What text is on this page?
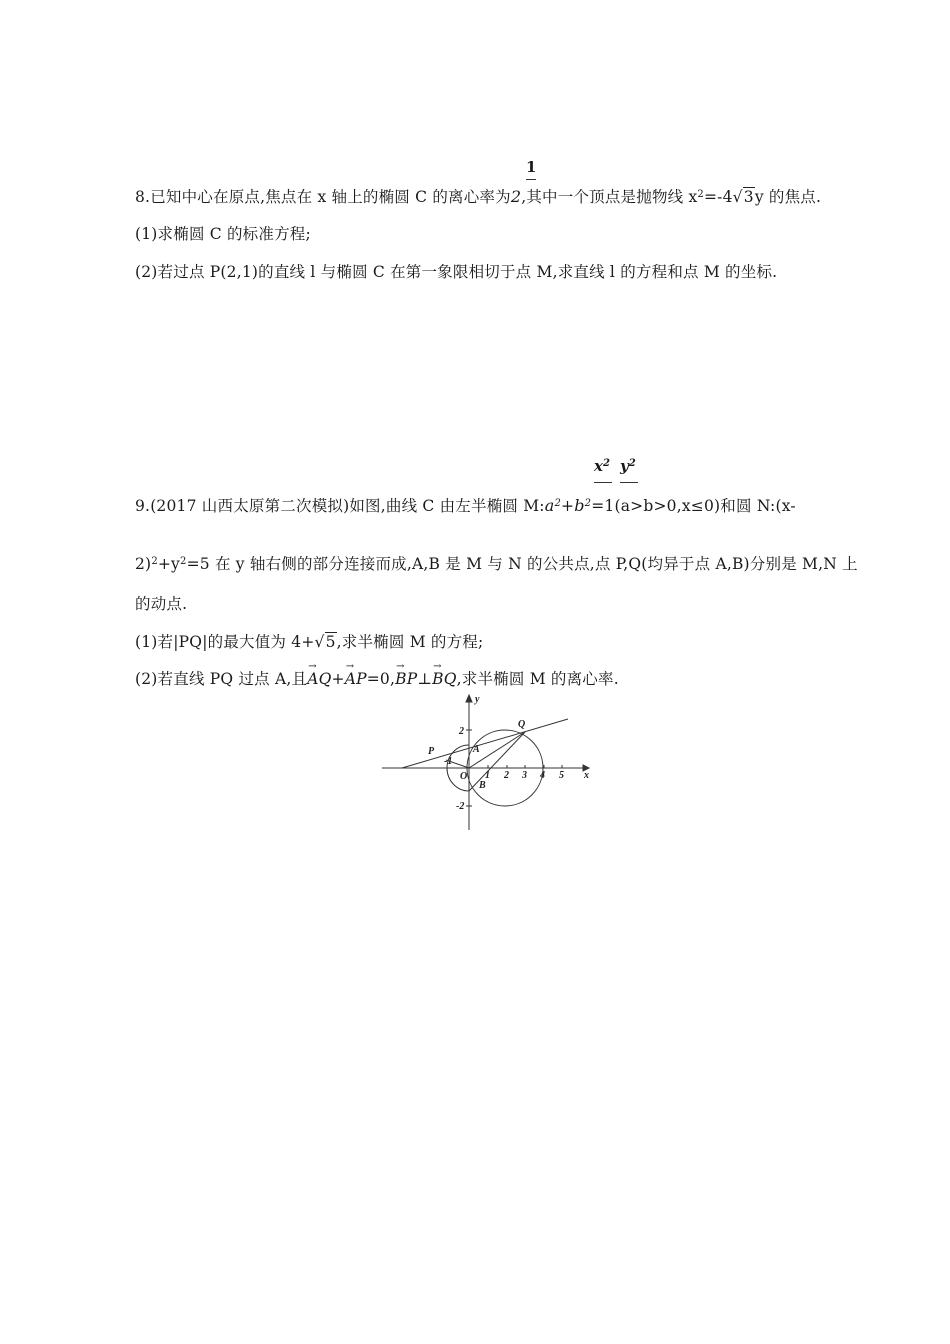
1
8.已知中心在原点,焦点在 x 轴上的椭圆 C 的离心率为2,其中一个顶点是抛物线 $x^2=-4√3y$ 的焦点.
(1)求椭圆 C 的标准方程;
(2)若过点 P(2,1)的直线 l 与椭圆 C 在第一象限相切于点 M,求直线 l 的方程和点 M 的坐标.
$x^2$ $y^2$
9.(2017 山西太原第二次模拟)如图,曲线 C 由左半椭圆 $M:a^2+b^2=1(a>b>0,x\le 0)$和圆 N:(x-
$2)^2+y^2=5$ 在 y 轴右侧的部分连接而成,A,B 是 M 与 N 的公共点,点 P,Q(均异于点 A,B)分别是 M,N 上
的动点.
(1)若|PQ|的最大值为 4+√5,求半椭圆 M 的方程;
(2)若直线 PQ 过点 A,且
→
AQ+
→
AP=0,
→
BP⊥
→
BQ,求半椭圆 M 的离心率.
y
x
Q
P	A
B
O
2
-1
1 2 3 4 5
-2
